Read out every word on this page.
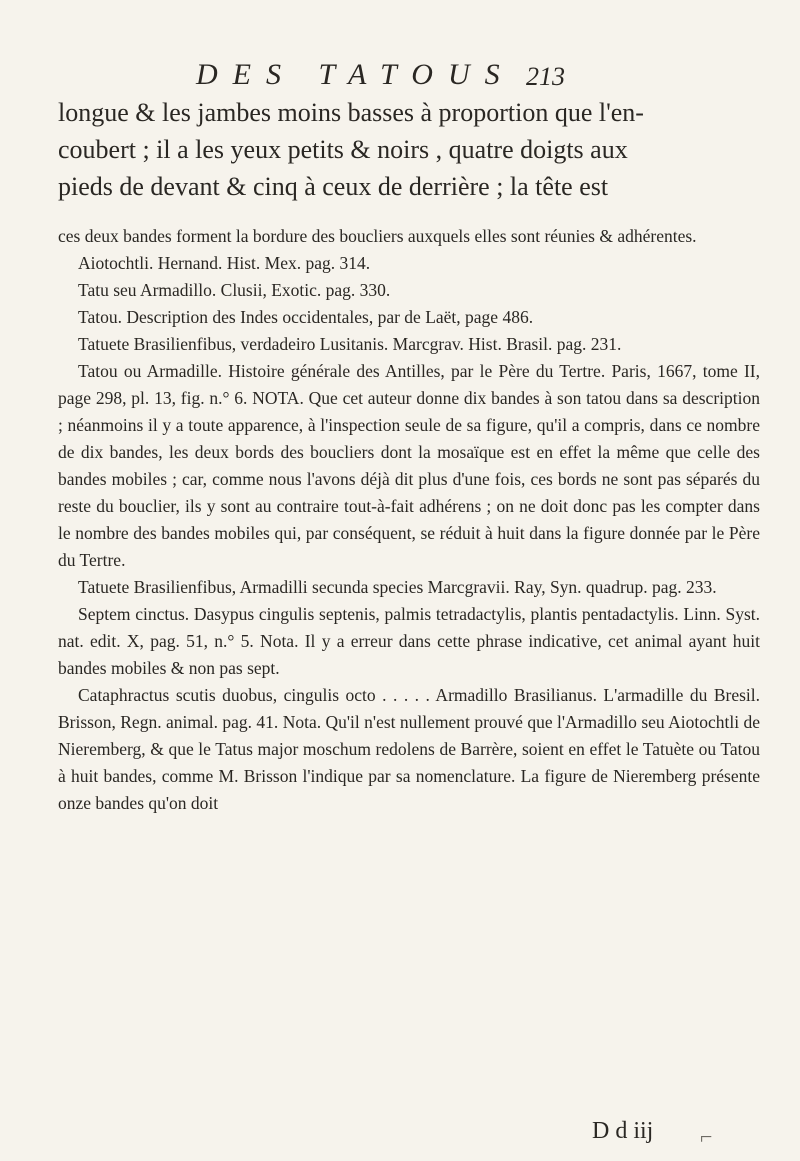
DES TATOUS 213

longue & les jambes moins basses à proportion que l'en-

coubert ; il a les yeux petits & noirs , quatre doigts aux

pieds de devant & cinq à ceux de derrière ; la tête est

ces deux bandes forment la bordure des boucliers auxquels elles sont réunies & adhérentes.

Aiotochtli. Hernand. Hist. Mex. pag. 314.

Tatu seu Armadillo. Clusii, Exotic. pag. 330.

Tatou. Description des Indes occidentales, par de Laët, page 486.

Tatuete Brasilienfibus, verdadeiro Lusitanis. Marcgrav. Hist. Brasil. pag. 231.

Tatou ou Armadille. Histoire générale des Antilles, par le Père du Tertre. Paris, 1667, tome II, page 298, pl. 13, fig. n.° 6. NOTA. Que cet auteur donne dix bandes à son tatou dans sa description ; néanmoins il y a toute apparence, à l'inspection seule de sa figure, qu'il a compris, dans ce nombre de dix bandes, les deux bords des boucliers dont la mosaïque est en effet la même que celle des bandes mobiles ; car, comme nous l'avons déjà dit plus d'une fois, ces bords ne sont pas séparés du reste du bouclier, ils y sont au contraire tout-à-fait adhérens ; on ne doit donc pas les compter dans le nombre des bandes mobiles qui, par conséquent, se réduit à huit dans la figure donnée par le Père du Tertre.

Tatuete Brasilienfibus, Armadilli secunda species Marcgravii. Ray, Syn. quadrup. pag. 233.

Septem cinctus. Dasypus cingulis septenis, palmis tetradactylis, plantis pentadactylis. Linn. Syst. nat. edit. X, pag. 51, n.° 5. Nota. Il y a erreur dans cette phrase indicative, cet animal ayant huit bandes mobiles & non pas sept.

Cataphractus scutis duobus, cingulis octo . . . . . Armadillo Brasilianus. L'armadille du Bresil. Brisson, Regn. animal. pag. 41. Nota. Qu'il n'est nullement prouvé que l'Armadillo seu Aiotochtli de Nieremberg, & que le Tatus major moschum redolens de Barrère, soient en effet le Tatuète ou Tatou à huit bandes, comme M. Brisson l'indique par sa nomenclature. La figure de Nieremberg présente onze bandes qu'on doit

D d iij ⌐
